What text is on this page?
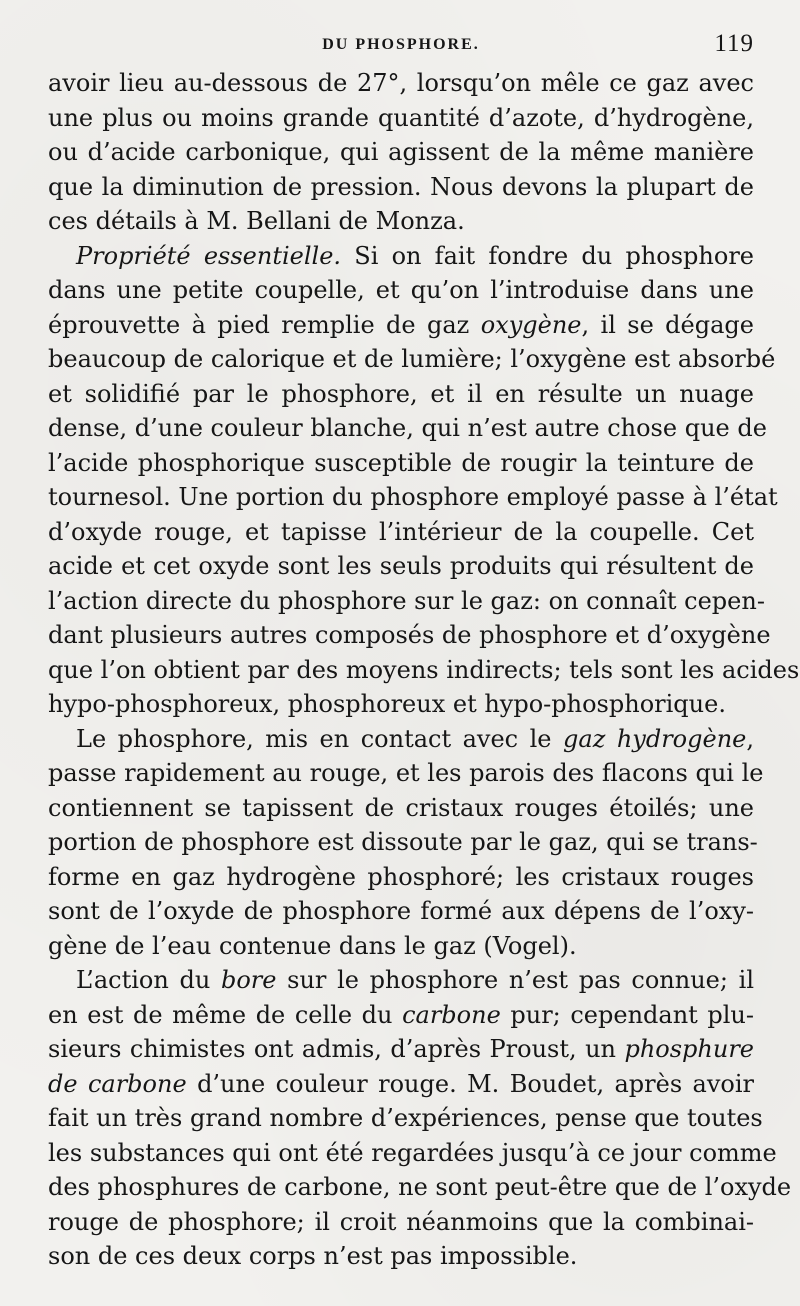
DU PHOSPHORE.	119
avoir lieu au-dessous de 27°, lorsqu’on mêle ce gaz avec
une plus ou moins grande quantité d’azote, d’hydrogène,
ou d’acide carbonique, qui agissent de la même manière
que la diminution de pression. Nous devons la plupart de
ces détails à M. Bellani de Monza.
Propriété essentielle. Si on fait fondre du phosphore
dans une petite coupelle, et qu’on l’introduise dans une
éprouvette à pied remplie de gaz oxygène, il se dégage
beaucoup de calorique et de lumière; l’oxygène est absorbé
et solidifié par le phosphore, et il en résulte un nuage
dense, d’une couleur blanche, qui n’est autre chose que de
l’acide phosphorique susceptible de rougir la teinture de
tournesol. Une portion du phosphore employé passe à l’état
d’oxyde rouge, et tapisse l’intérieur de la coupelle. Cet
acide et cet oxyde sont les seuls produits qui résultent de
l’action directe du phosphore sur le gaz: on connaît cepen-
dant plusieurs autres composés de phosphore et d’oxygène
que l’on obtient par des moyens indirects; tels sont les acides
hypo-phosphoreux, phosphoreux et hypo-phosphorique.
Le phosphore, mis en contact avec le gaz hydrogène,
passe rapidement au rouge, et les parois des flacons qui le
contiennent se tapissent de cristaux rouges étoilés; une
portion de phosphore est dissoute par le gaz, qui se trans-
forme en gaz hydrogène phosphoré; les cristaux rouges
sont de l’oxyde de phosphore formé aux dépens de l’oxy-
gène de l’eau contenue dans le gaz (Vogel).
L’action du bore sur le phosphore n’est pas connue; il
en est de même de celle du carbone pur; cependant plu-
sieurs chimistes ont admis, d’après Proust, un phosphure
de carbone d’une couleur rouge. M. Boudet, après avoir
fait un très grand nombre d’expériences, pense que toutes
les substances qui ont été regardées jusqu’à ce jour comme
des phosphures de carbone, ne sont peut-être que de l’oxyde
rouge de phosphore; il croit néanmoins que la combinai-
son de ces deux corps n’est pas impossible.
